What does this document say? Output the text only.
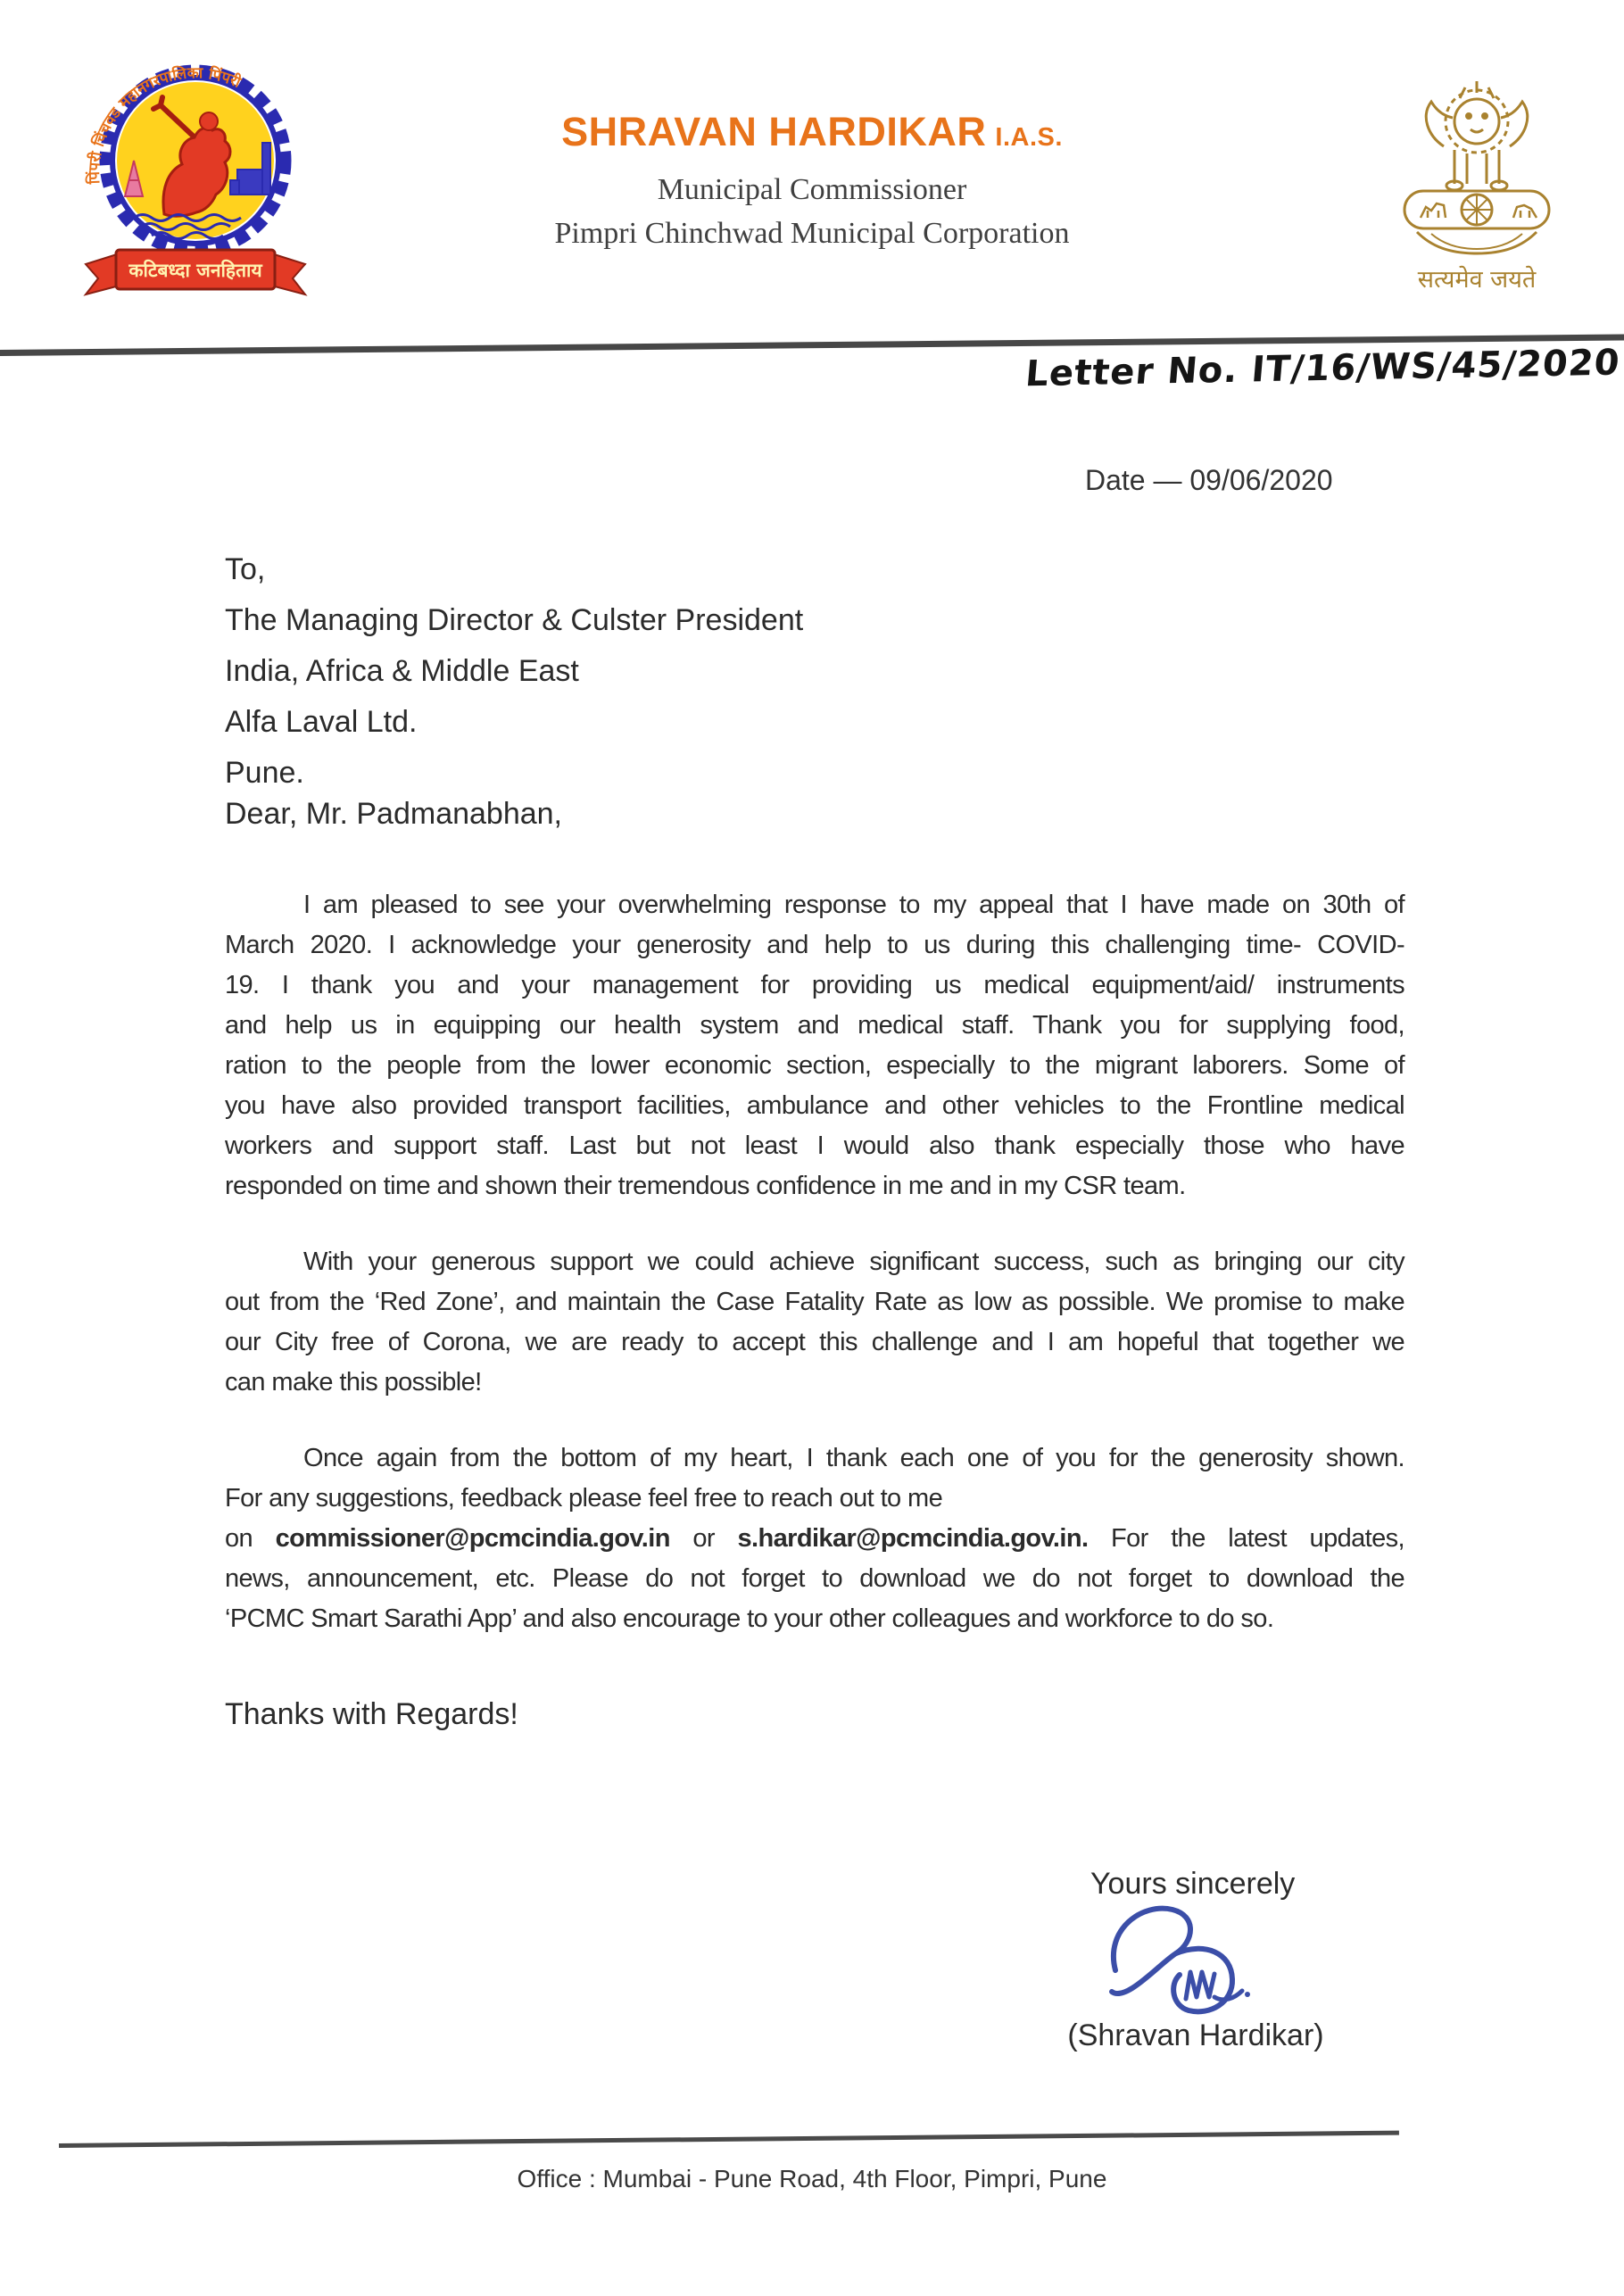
पिंपरी चिंचवड महानगरपालिका पिंपरी
कटिबध्दा जनहिताय
SHRAVAN HARDIKAR I.A.S.
Municipal Commissioner
Pimpri Chinchwad Municipal Corporation
सत्यमेव जयते
Letter No. IT/16/WS/45/2020
Date — 09/06/2020
To,
The Managing Director & Culster President
India, Africa & Middle East
Alfa Laval Ltd.
Pune.
Dear, Mr. Padmanabhan,
I am pleased to see your overwhelming response to my appeal that I have made on 30th of
March 2020. I acknowledge your generosity and help to us during this challenging time- COVID-
19. I thank you and your management for providing us medical equipment/aid/ instruments
and help us in equipping our health system and medical staff. Thank you for supplying food,
ration to the people from the lower economic section, especially to the migrant laborers. Some of
you have also provided transport facilities, ambulance and other vehicles to the Frontline medical
workers and support staff. Last but not least I would also thank especially those who have
responded on time and shown their tremendous confidence in me and in my CSR team.
With your generous support we could achieve significant success, such as bringing our city
out from the ‘Red Zone’, and maintain the Case Fatality Rate as low as possible. We promise to make
our City free of Corona, we are ready to accept this challenge and I am hopeful that together we
can make this possible!
Once again from the bottom of my heart, I thank each one of you for the generosity shown.
For any suggestions, feedback please feel free to reach out to me
on commissioner@pcmcindia.gov.in or s.hardikar@pcmcindia.gov.in. For the latest updates,
news, announcement, etc. Please do not forget to download we do not forget to download the
‘PCMC Smart Sarathi App’ and also encourage to your other colleagues and workforce to do so.
Thanks with Regards!
Yours sincerely
(Shravan Hardikar)
Office : Mumbai - Pune Road, 4th Floor, Pimpri, Pune
